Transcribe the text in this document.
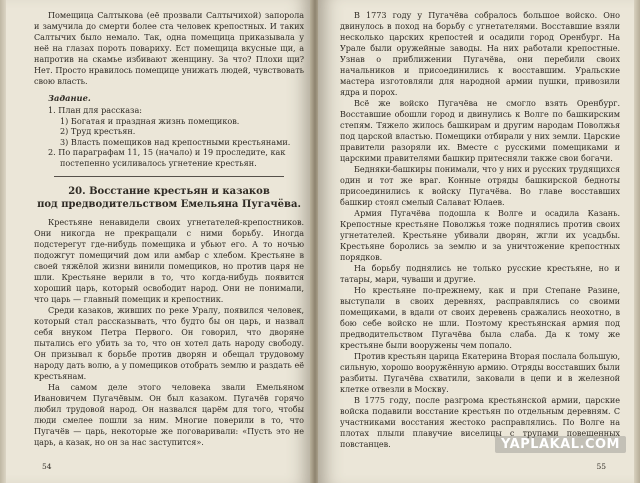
Помещица Салтыкова (её прозвали Салтычихой) запорола и замучила до смерти более ста человек крепостных. И таких Салтычих было немало. Так, одна помещица приказывала у неё на глазах пороть повариху. Ест помещица вкусные щи, а напротив на скамье избивают женщину. За что? Плохи щи? Нет. Просто нравилось помещице унижать людей, чувствовать свою власть.

Задание.
1. План для рассказа:
1) Богатая и праздная жизнь помещиков.
2) Труд крестьян.
3) Власть помещиков над крепостными крестьянами.
2. По параграфам 11, 15 (начало) и 19 проследите, как
постепенно усиливалось угнетение крестьян.
20. Восстание крестьян и казаков
под предводительством Емельяна Пугачёва.

Крестьяне ненавидели своих угнетателей-крепостников. Они никогда не прекращали с ними борьбу. Иногда подстерегут где-нибудь помещика и убьют его. А то ночью подожгут помещичий дом или амбар с хлебом. Крестьяне в своей тяжёлой жизни винили помещиков, но против царя не шли. Крестьяне верили в то, что когда-нибудь появится хороший царь, который освободит народ. Они не понимали, что царь — главный помещик и крепостник.

Среди казаков, живших по реке Уралу, появился человек, который стал рассказывать, что будто бы он царь, и назвал себя внуком Петра Первого. Он говорил, что дворяне пытались его убить за то, что он хотел дать народу свободу. Он призывал к борьбе против дворян и обещал трудовому народу дать волю, а у помещиков отобрать землю и раздать её крестьянам.

На самом деле этого человека звали Емельяном Ивановичем Пугачёвым. Он был казаком. Пугачёв горячо любил трудовой народ. Он назвался царём для того, чтобы люди смелее пошли за ним. Многие поверили в то, что Пугачёв — царь, некоторые же поговаривали: «Пусть это не царь, а казак, но он за нас заступится».

54

В 1773 году у Пугачёва собралось большое войско. Оно двинулось в поход на борьбу с угнетателями. Восставшие взяли несколько царских крепостей и осадили город Оренбург. На Урале были оружейные заводы. На них работали крепостные. Узнав о приближении Пугачёва, они перебили своих начальников и присоединились к восставшим. Уральские мастера изготовляли для народной армии пушки, привозили ядра и порох.

Всё же войско Пугачёва не смогло взять Оренбург. Восставшие обошли город и двинулись к Волге по башкирским степям. Тяжело жилось башкирам и другим народам Поволжья под царской властью. Помещики отбирали у них земли. Царские правители разоряли их. Вместе с русскими помещиками и царскими правителями башкир притесняли также свои богачи.

Бедняки-башкиры понимали, что у них и русских трудящихся один и тот же враг. Конные отряды башкирской бедноты присоединились к войску Пугачёва. Во главе восставших башкир стоял смелый Салават Юлаев.

Армия Пугачёва подошла к Волге и осадила Казань. Крепостные крестьяне Поволжья тоже поднялись против своих угнетателей. Крестьяне убивали дворян, жгли их усадьбы. Крестьяне боролись за землю и за уничтожение крепостных порядков.

На борьбу поднялись не только русские крестьяне, но и татары, мари, чуваши и другие.

Но крестьяне по-прежнему, как и при Степане Разине, выступали в своих деревнях, расправлялись со своими помещиками, в вдали от своих деревень сражались неохотно, в бою себе войско не шли. Поэтому крестьянская армия под предводительством Пугачёва была слаба. Да к тому же крестьяне были вооружены чем попало.

Против крестьян царица Екатерина Вторая послала большую, сильную, хорошо вооружённую армию. Отряды восставших были разбиты. Пугачёва схватили, заковали в цепи и в железной клетке отвезли в Москву.

В 1775 году, после разгрома крестьянской армии, царские войска подавили восстание крестьян по отдельным деревням. С участниками восстания жестоко расправлялись. По Волге на плотах плыли плавучие виселицы с трупами повешенных повстанцев.

55
YAPLAKAL.COM
